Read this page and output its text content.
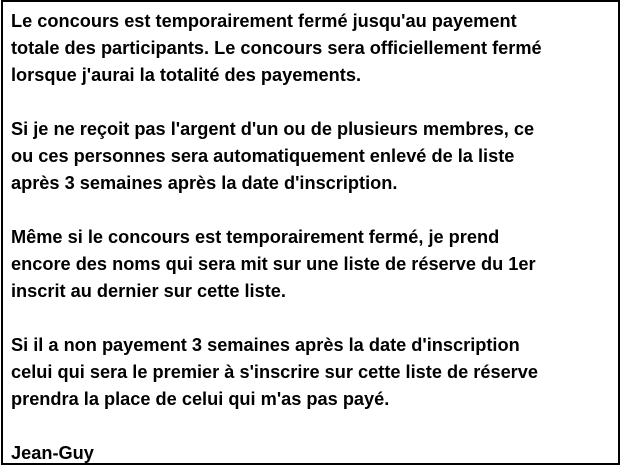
Le concours est temporairement fermé jusqu'au payement
totale des participants. Le concours sera officiellement fermé
lorsque j'aurai la totalité des payements.

Si je ne reçoit pas l'argent d'un ou de plusieurs membres, ce
ou ces personnes sera automatiquement enlevé de la liste
après 3 semaines après la date d'inscription.

Même si le concours est temporairement fermé, je prend
encore des noms qui sera mit sur une liste de réserve du 1er
inscrit au dernier sur cette liste.

Si il a non payement 3 semaines après la date d'inscription
celui qui sera le premier à s'inscrire sur cette liste de réserve
prendra la place de celui qui m'as pas payé.

Jean-Guy
